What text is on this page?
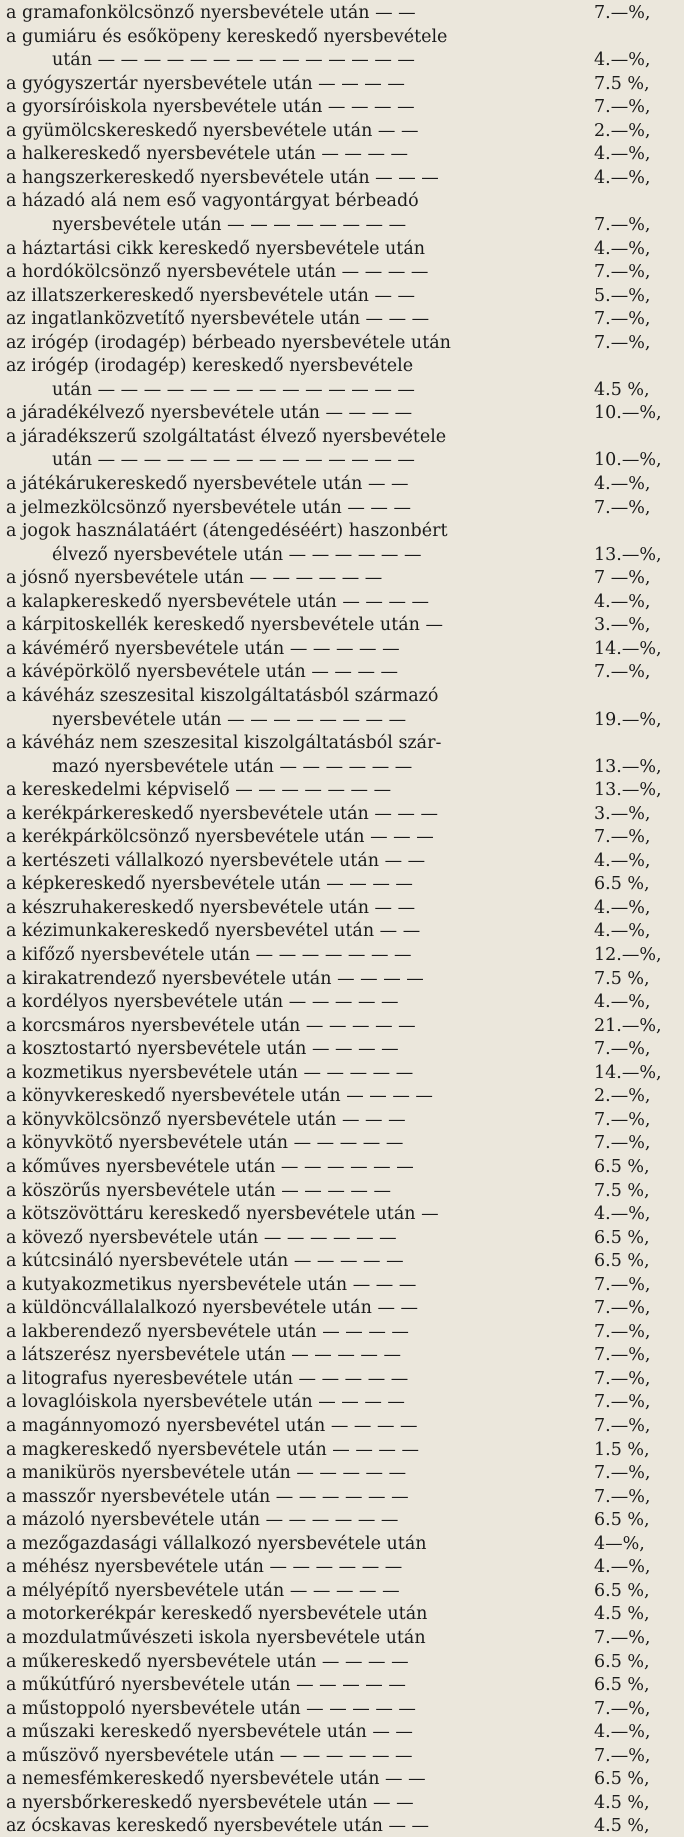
a gramafonkölcsönző nyersbevétele után — —	7.—%,
a gumiáru és esőköpeny kereskedő nyersbevétele
után — — — — — — — — — — — — — —	4.—%,
a gyógyszertár nyersbevétele után — — — —	7.5 %,
a gyorsíróiskola nyersbevétele után — — — —	7.—%,
a gyümölcskereskedő nyersbevétele után — —	2.—%,
a halkereskedő nyersbevétele után — — — —	4.—%,
a hangszerkereskedő nyersbevétele után — — —	4.—%,
a házadó alá nem eső vagyontárgyat bérbeadó
nyersbevétele után — — — — — — — —	7.—%,
a háztartási cikk kereskedő nyersbevétele után	4.—%,
a hordókölcsönző nyersbevétele után — — — —	7.—%,
az illatszerkereskedő nyersbevétele után — —	5.—%,
az ingatlanközvetítő nyersbevétele után — — —	7.—%,
az irógép (irodagép) bérbeado nyersbevétele után	7.—%,
az irógép (irodagép) kereskedő nyersbevétele
után — — — — — — — — — — — — — —	4.5 %,
a járadékélvező nyersbevétele után — — — —	10.—%,
a járadékszerű szolgáltatást élvező nyersbevétele
után — — — — — — — — — — — — — —	10.—%,
a játékárukereskedő nyersbevétele után — —	4.—%,
a jelmezkölcsönző nyersbevétele után — — —	7.—%,
a jogok használatáért (átengedéséért) haszonbért
élvező nyersbevétele után — — — — — —	13.—%,
a jósnő nyersbevétele után — — — — — —	7 —%,
a kalapkereskedő nyersbevétele után — — — —	4.—%,
a kárpitoskellék kereskedő nyersbevétele után —	3.—%,
a kávémérő nyersbevétele után — — — — —	14.—%,
a kávépörkölő nyersbevétele után — — — —	7.—%,
a kávéház szeszesital kiszolgáltatásból származó
nyersbevétele után — — — — — — — —	19.—%,
a kávéház nem szeszesital kiszolgáltatásból szár-
mazó nyersbevétele után — — — — — —	13.—%,
a kereskedelmi képviselő — — — — — — —	13.—%,
a kerékpárkereskedő nyersbevétele után — — —	3.—%,
a kerékpárkölcsönző nyersbevétele után — — —	7.—%,
a kertészeti vállalkozó nyersbevétele után — —	4.—%,
a képkereskedő nyersbevétele után — — — —	6.5 %,
a készruhakereskedő nyersbevétele után — —	4.—%,
a kézimunkakereskedő nyersbevétel után — —	4.—%,
a kifőző nyersbevétele után — — — — — — —	12.—%,
a kirakatrendező nyersbevétele után — — — —	7.5 %,
a kordélyos nyersbevétele után — — — — —	4.—%,
a korcsmáros nyersbevétele után — — — — —	21.—%,
a kosztostartó nyersbevétele után — — — —	7.—%,
a kozmetikus nyersbevétele után — — — — —	14.—%,
a könyvkereskedő nyersbevétele után — — — —	2.—%,
a könyvkölcsönző nyersbevétele után — — —	7.—%,
a könyvkötő nyersbevétele után — — — — —	7.—%,
a kőműves nyersbevétele után — — — — — —	6.5 %,
a köszörűs nyersbevétele után — — — — —	7.5 %,
a kötszövöttáru kereskedő nyersbevétele után —	4.—%,
a kövező nyersbevétele után — — — — — —	6.5 %,
a kútcsináló nyersbevétele után — — — — —	6.5 %,
a kutyakozmetikus nyersbevétele után — — —	7.—%,
a küldöncvállalalkozó nyersbevétele után — —	7.—%,
a lakberendező nyersbevétele után — — — —	7.—%,
a látszerész nyersbevétele után — — — — —	7.—%,
a litografus nyeresbevétele után — — — — —	7.—%,
a lovaglóiskola nyersbevétele után — — — —	7.—%,
a magánnyomozó nyersbevétel után — — — —	7.—%,
a magkereskedő nyersbevétele után — — — —	1.5 %,
a manikürös nyersbevétele után — — — — —	7.—%,
a masszőr nyersbevétele után — — — — — —	7.—%,
a mázoló nyersbevétele után — — — — — —	6.5 %,
a mezőgazdasági vállalkozó nyersbevétele után	4—%,
a méhész nyersbevétele után — — — — — —	4.—%,
a mélyépítő nyersbevétele után — — — — —	6.5 %,
a motorkerékpár kereskedő nyersbevétele után	4.5 %,
a mozdulatművészeti iskola nyersbevétele után	7.—%,
a műkereskedő nyersbevétele után — — — —	6.5 %,
a műkútfúró nyersbevétele után — — — — —	6.5 %,
a műstoppoló nyersbevétele után — — — — —	7.—%,
a műszaki kereskedő nyersbevétele után — —	4.—%,
a műszövő nyersbevétele után — — — — — —	7.—%,
a nemesfémkereskedő nyersbevétele után — —	6.5 %,
a nyersbőrkereskedő nyersbevétele után — —	4.5 %,
az ócskavas kereskedő nyersbevétele után — —	4.5 %,
